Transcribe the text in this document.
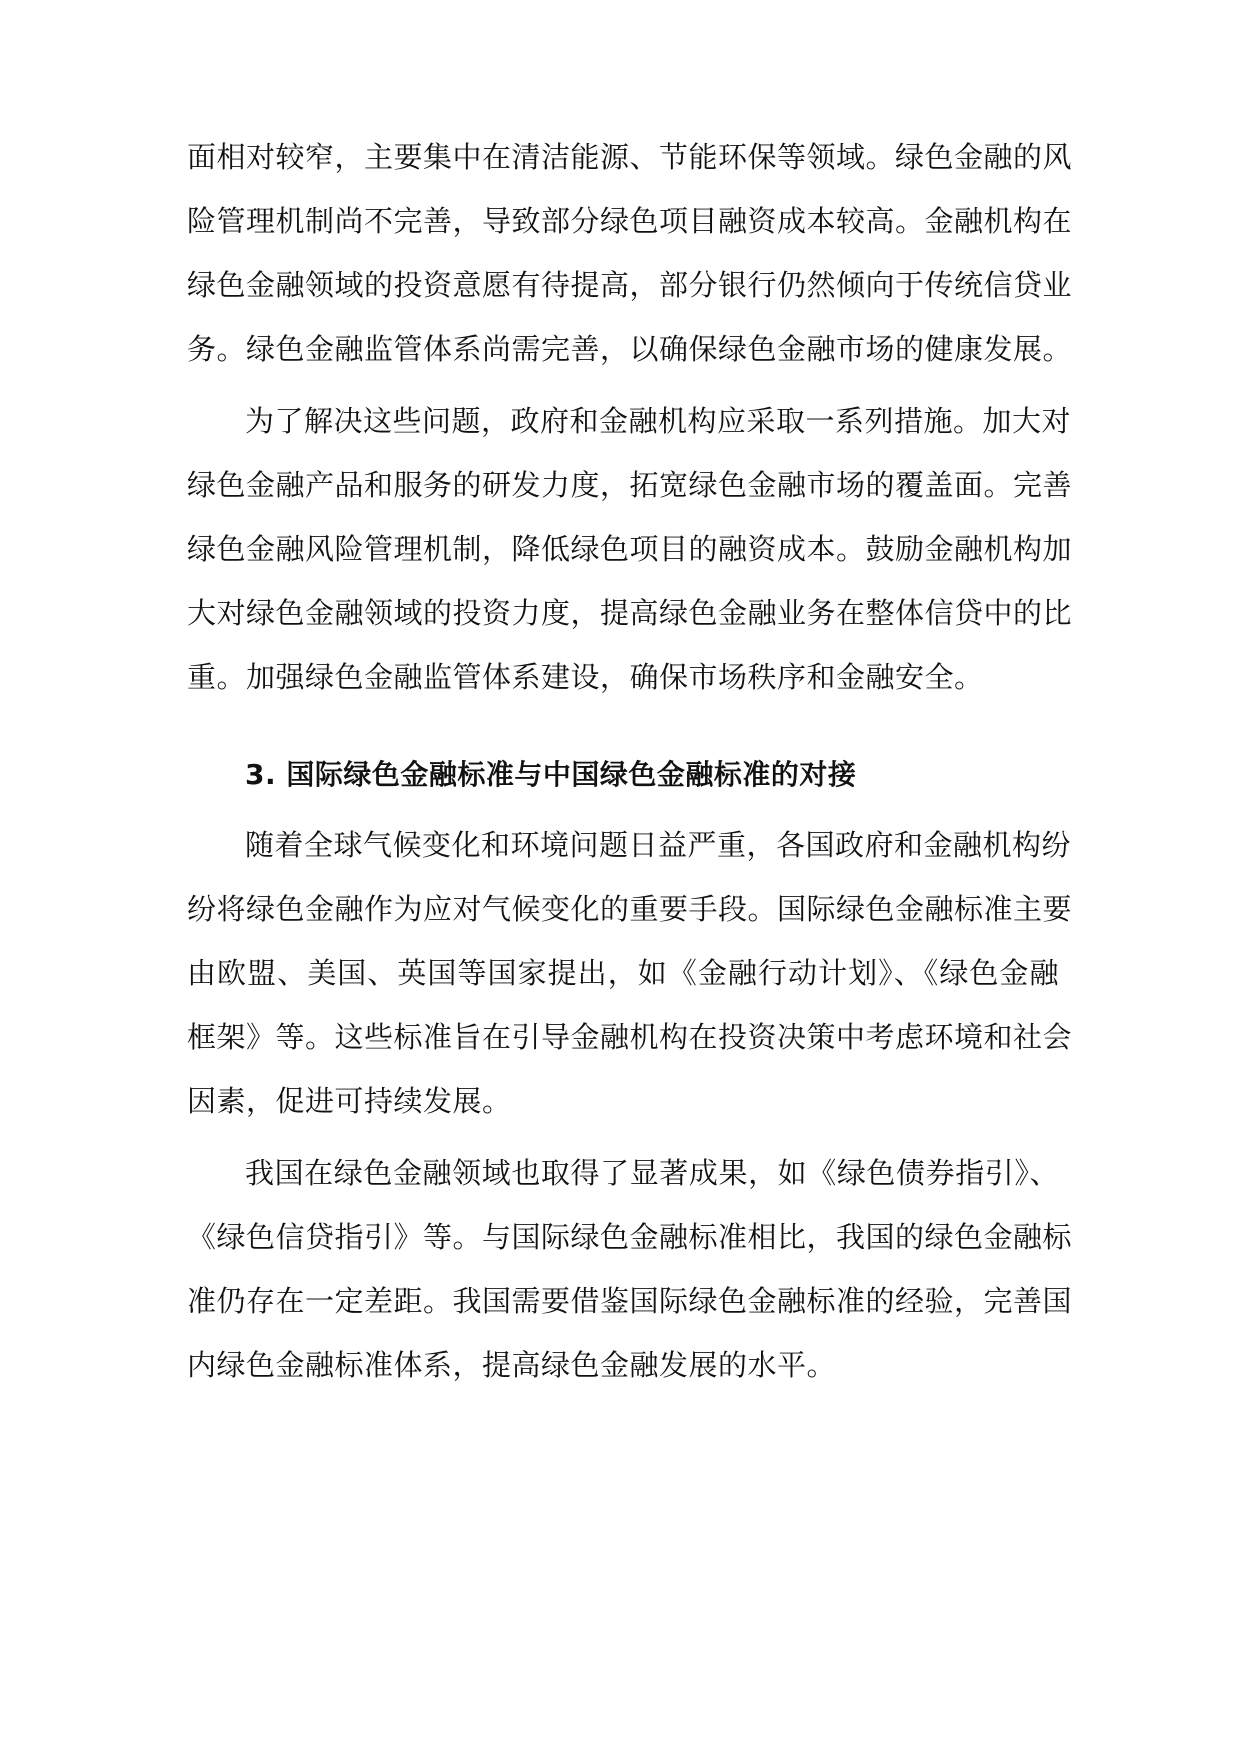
面相对较窄，主要集中在清洁能源、节能环保等领域。绿色金融的风
险管理机制尚不完善，导致部分绿色项目融资成本较高。金融机构在
绿色金融领域的投资意愿有待提高，部分银行仍然倾向于传统信贷业
务。绿色金融监管体系尚需完善，以确保绿色金融市场的健康发展。
为了解决这些问题，政府和金融机构应采取一系列措施。加大对
绿色金融产品和服务的研发力度，拓宽绿色金融市场的覆盖面。完善
绿色金融风险管理机制，降低绿色项目的融资成本。鼓励金融机构加
大对绿色金融领域的投资力度，提高绿色金融业务在整体信贷中的比
重。加强绿色金融监管体系建设，确保市场秩序和金融安全。
3. 国际绿色金融标准与中国绿色金融标准的对接
随着全球气候变化和环境问题日益严重，各国政府和金融机构纷
纷将绿色金融作为应对气候变化的重要手段。国际绿色金融标准主要
由欧盟、美国、英国等国家提出，如《金融行动计划》、《绿色金融
框架》等。这些标准旨在引导金融机构在投资决策中考虑环境和社会
因素，促进可持续发展。
我国在绿色金融领域也取得了显著成果，如《绿色债券指引》、
《绿色信贷指引》等。与国际绿色金融标准相比，我国的绿色金融标
准仍存在一定差距。我国需要借鉴国际绿色金融标准的经验，完善国
内绿色金融标准体系，提高绿色金融发展的水平。
